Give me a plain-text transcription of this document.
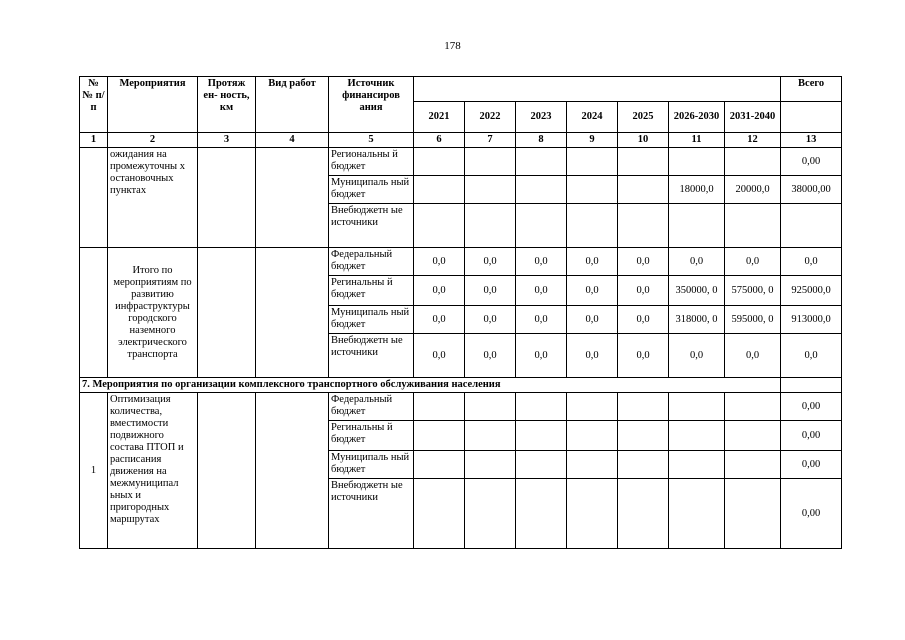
178
№ № п/п	Мероприятия	Протяж ен- ность, км	Вид работ	Источник финансиров ания								Всего
					2021	2022	2023	2024	2025	2026-2030	2031-2040	
1	2	3	4	5	6	7	8	9	10	11	12	13
	ожидания на промежуточны х остановочных пунктах			Региональны й бюджет								0,00
				Муниципаль ный бюджет						18000,0	20000,0	38000,00
				Внебюджетн ые источники								
	Итого по мероприятиям по развитию инфраструктуры городского наземного электрического транспорта			Федеральный бюджет	0,0	0,0	0,0	0,0	0,0	0,0	0,0	0,0
				Регинальны й бюджет	0,0	0,0	0,0	0,0	0,0	350000, 0	575000, 0	925000,0
				Муниципаль ный бюджет	0,0	0,0	0,0	0,0	0,0	318000, 0	595000, 0	913000,0
				Внебюджетн ые источники	0,0	0,0	0,0	0,0	0,0	0,0	0,0	0,0
7. Мероприятия по организации комплексного транспортного обслуживания населения												
1	Оптимизация количества, вместимости подвижного состава ПТОП и расписания движения на межмуниципал ьных и пригородных маршрутах			Федеральный бюджет								0,00
				Регинальны й бюджет								0,00
				Муниципаль ный бюджет								0,00
				Внебюджетн ые источники								0,00
